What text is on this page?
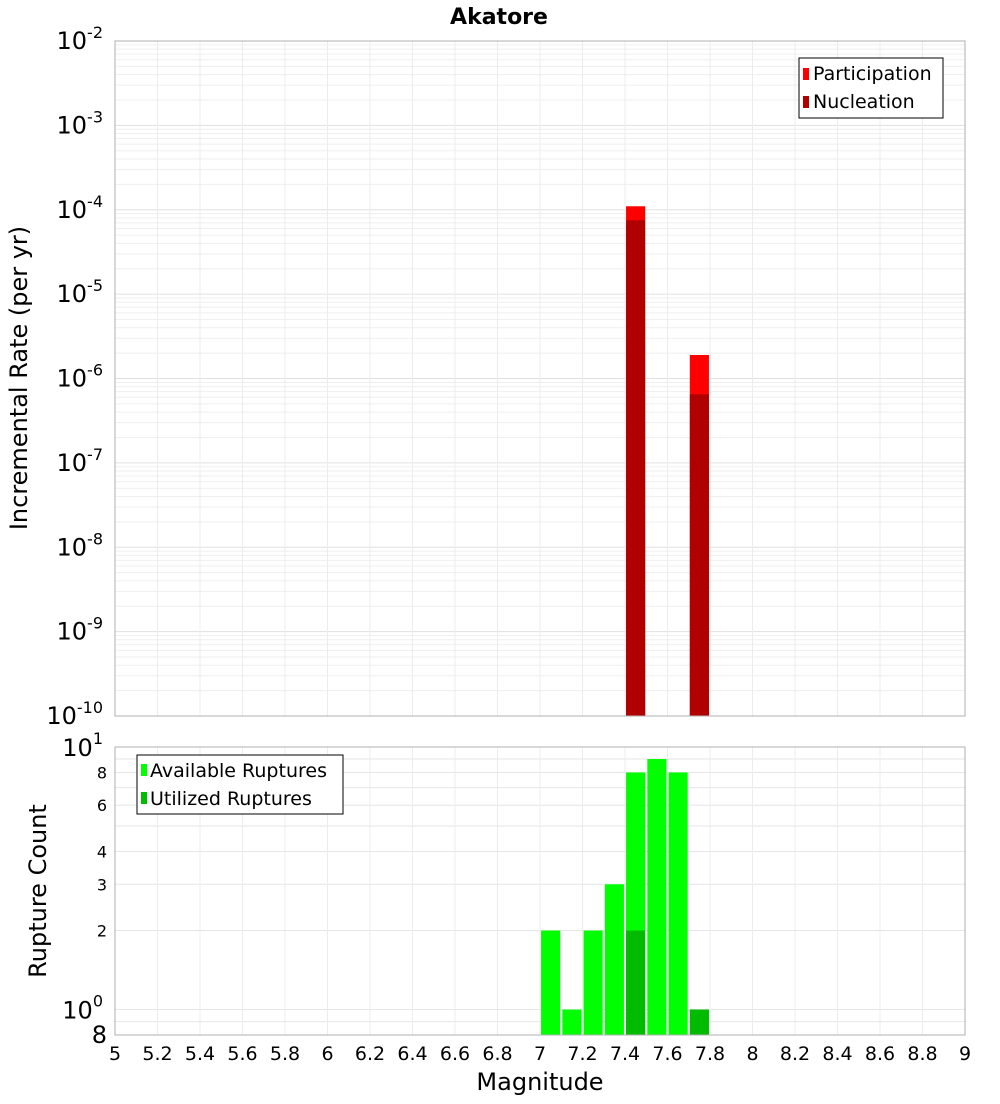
Akatore
$10^{-2}$
$10^{-3}$
$10^{-4}$
$10^{-5}$
$10^{-6}$
$10^{-7}$
$10^{-8}$
$10^{-9}$
$10^{-10}$
Incremental Rate (per yr)
Participation
Nucleation
$10^1$
8
6
4
3
2
$10^0$
8
5 5.2 5.4 5.6 5.8 6 6.2 6.4 6.6 6.8 7 7.2 7.4 7.6 7.8 8 8.2 8.4 8.6 8.8 9
Rupture Count
Magnitude
Available Ruptures
Utilized Ruptures
